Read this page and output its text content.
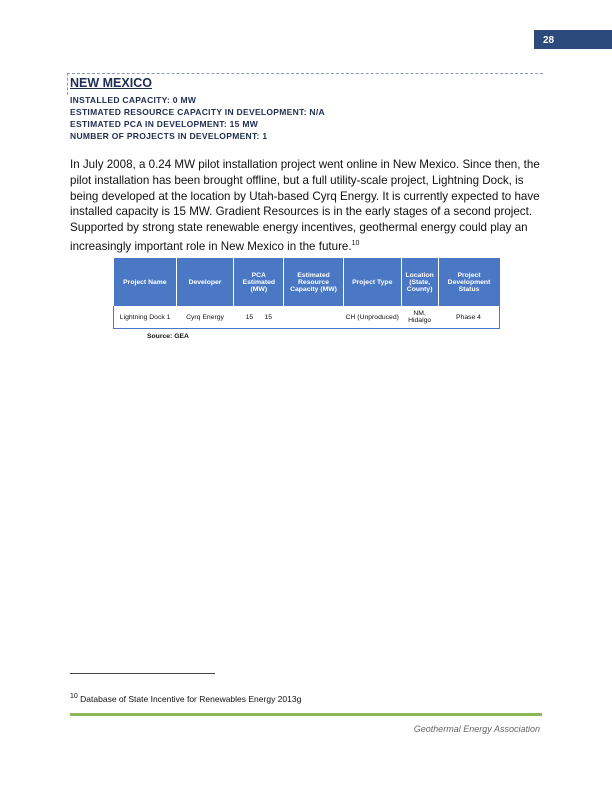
28
NEW MEXICO
INSTALLED CAPACITY: 0 MW
ESTIMATED RESOURCE CAPACITY IN DEVELOPMENT: N/A
ESTIMATED PCA IN DEVELOPMENT: 15 MW
NUMBER OF PROJECTS IN DEVELOPMENT: 1
In July 2008, a 0.24 MW pilot installation project went online in New Mexico. Since then, the pilot installation has been brought offline, but a full utility-scale project, Lightning Dock, is being developed at the location by Utah-based Cyrq Energy. It is currently expected to have installed capacity is 15 MW. Gradient Resources is in the early stages of a second project. Supported by strong state renewable energy incentives, geothermal energy could play an increasingly important role in New Mexico in the future.$^{10}$
Project Name	Developer	PCA Estimated (MW)	Estimated Resource Capacity (MW)	Project Type	Location (State, County)	Project Development Status
Lightning Dock 1	Cyrq Energy	15 15		CH (Unproduced)	NM, Hidalgo	Phase 4
Source: GEA
$^{10}$ Database of State Incentive for Renewables Energy 2013g
Geothermal Energy Association
